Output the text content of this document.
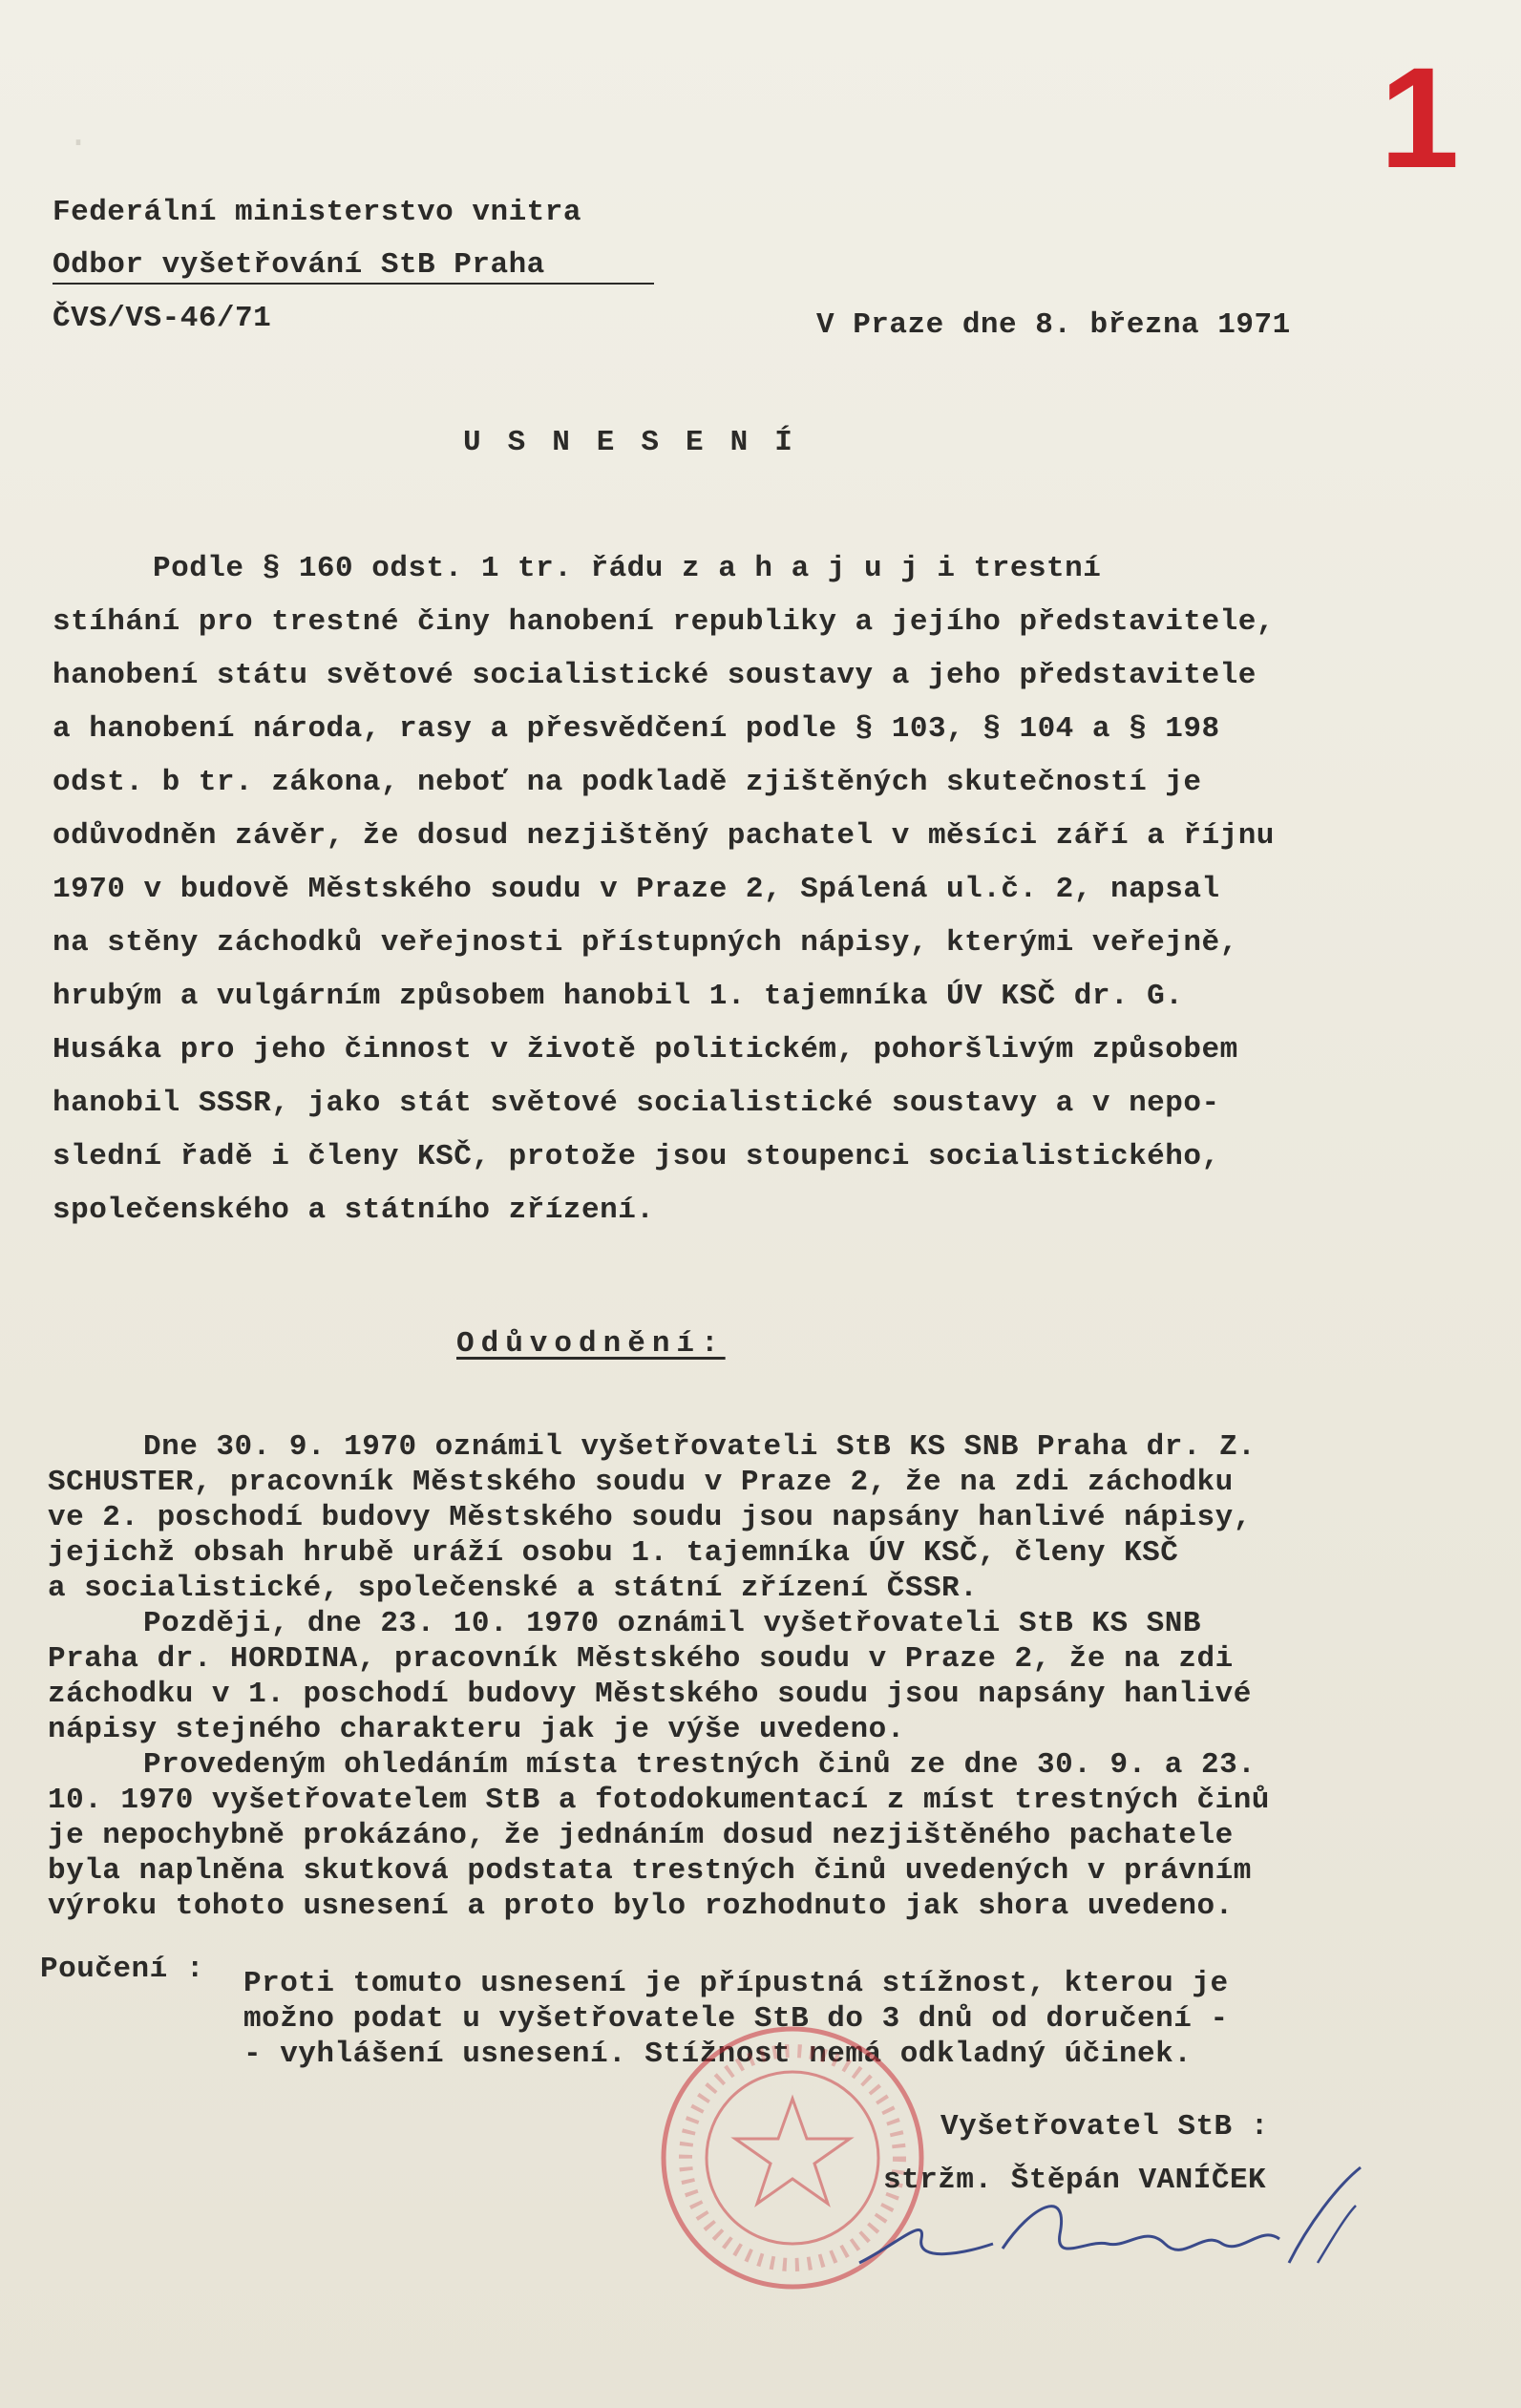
·	1
Federální ministerstvo vnitra
Odbor vyšetřování StB Praha
ČVS/VS-46/71	V Praze dne 8. března 1971
USNESENÍ
Podle § 160 odst. 1 tr. řádu z a h a j u j i trestní
stíhání pro trestné činy hanobení republiky a jejího představitele,
hanobení státu světové socialistické soustavy a jeho představitele
a hanobení národa, rasy a přesvědčení podle § 103, § 104 a § 198
odst. b tr. zákona, neboť na podkladě zjištěných skutečností je
odůvodněn závěr, že dosud nezjištěný pachatel v měsíci září a říjnu
1970 v budově Městského soudu v Praze 2, Spálená ul.č. 2, napsal
na stěny záchodků veřejnosti přístupných nápisy, kterými veřejně,
hrubým a vulgárním způsobem hanobil 1. tajemníka ÚV KSČ dr. G.
Husáka pro jeho činnost v životě politickém, pohoršlivým způsobem
hanobil SSSR, jako stát světové socialistické soustavy a v nepo-
slední řadě i členy KSČ, protože jsou stoupenci socialistického,
společenského a státního zřízení.
Odůvodnění:
Dne 30. 9. 1970 oznámil vyšetřovateli StB KS SNB Praha dr. Z.
SCHUSTER, pracovník Městského soudu v Praze 2, že na zdi záchodku
ve 2. poschodí budovy Městského soudu jsou napsány hanlivé nápisy,
jejichž obsah hrubě uráží osobu 1. tajemníka ÚV KSČ, členy KSČ
a socialistické, společenské a státní zřízení ČSSR.
Později, dne 23. 10. 1970 oznámil vyšetřovateli StB KS SNB
Praha dr. HORDINA, pracovník Městského soudu v Praze 2, že na zdi
záchodku v 1. poschodí budovy Městského soudu jsou napsány hanlivé
nápisy stejného charakteru jak je výše uvedeno.
Provedeným ohledáním místa trestných činů ze dne 30. 9. a 23.
10. 1970 vyšetřovatelem StB a fotodokumentací z míst trestných činů
je nepochybně prokázáno, že jednáním dosud nezjištěného pachatele
byla naplněna skutková podstata trestných činů uvedených v právním
výroku tohoto usnesení a proto bylo rozhodnuto jak shora uvedeno.
Poučení : Proti tomuto usnesení je přípustná stížnost, kterou je
možno podat u vyšetřovatele StB do 3 dnů od doručení -
- vyhlášení usnesení. Stížnost nemá odkladný účinek.
Vyšetřovatel StB :
stržm. Štěpán VANÍČEK
